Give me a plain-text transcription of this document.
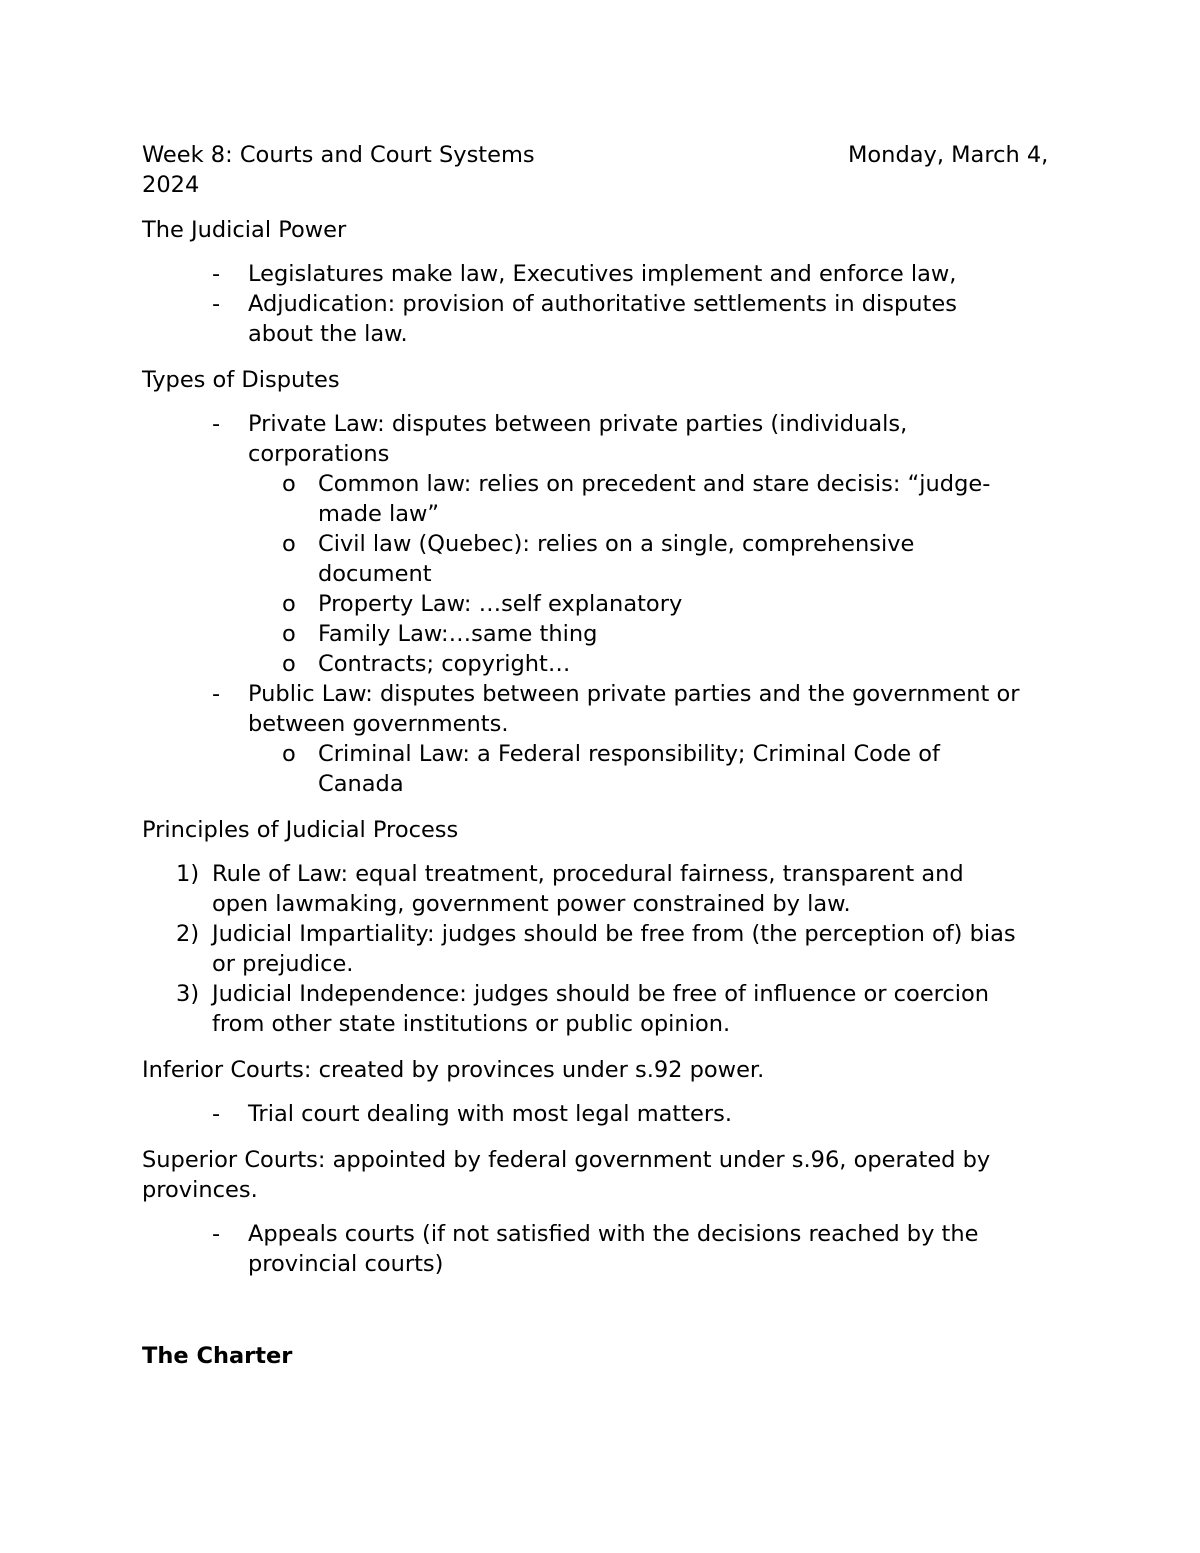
Week 8: Courts and Court Systems	Monday, March 4,
2024
The Judicial Power
- Legislatures make law, Executives implement and enforce law,
- Adjudication: provision of authoritative settlements in disputes
about the law.
Types of Disputes
- Private Law: disputes between private parties (individuals,
corporations
o Common law: relies on precedent and stare decisis: “judge-
made law”
o Civil law (Quebec): relies on a single, comprehensive
document
o Property Law: …self explanatory
o Family Law:…same thing
o Contracts; copyright…
- Public Law: disputes between private parties and the government or
between governments.
o Criminal Law: a Federal responsibility; Criminal Code of
Canada
Principles of Judicial Process
1) Rule of Law: equal treatment, procedural fairness, transparent and
open lawmaking, government power constrained by law.
2) Judicial Impartiality: judges should be free from (the perception of) bias
or prejudice.
3) Judicial Independence: judges should be free of influence or coercion
from other state institutions or public opinion.
Inferior Courts: created by provinces under s.92 power.
- Trial court dealing with most legal matters.
Superior Courts: appointed by federal government under s.96, operated by
provinces.
- Appeals courts (if not satisfied with the decisions reached by the
provincial courts)
The Charter
